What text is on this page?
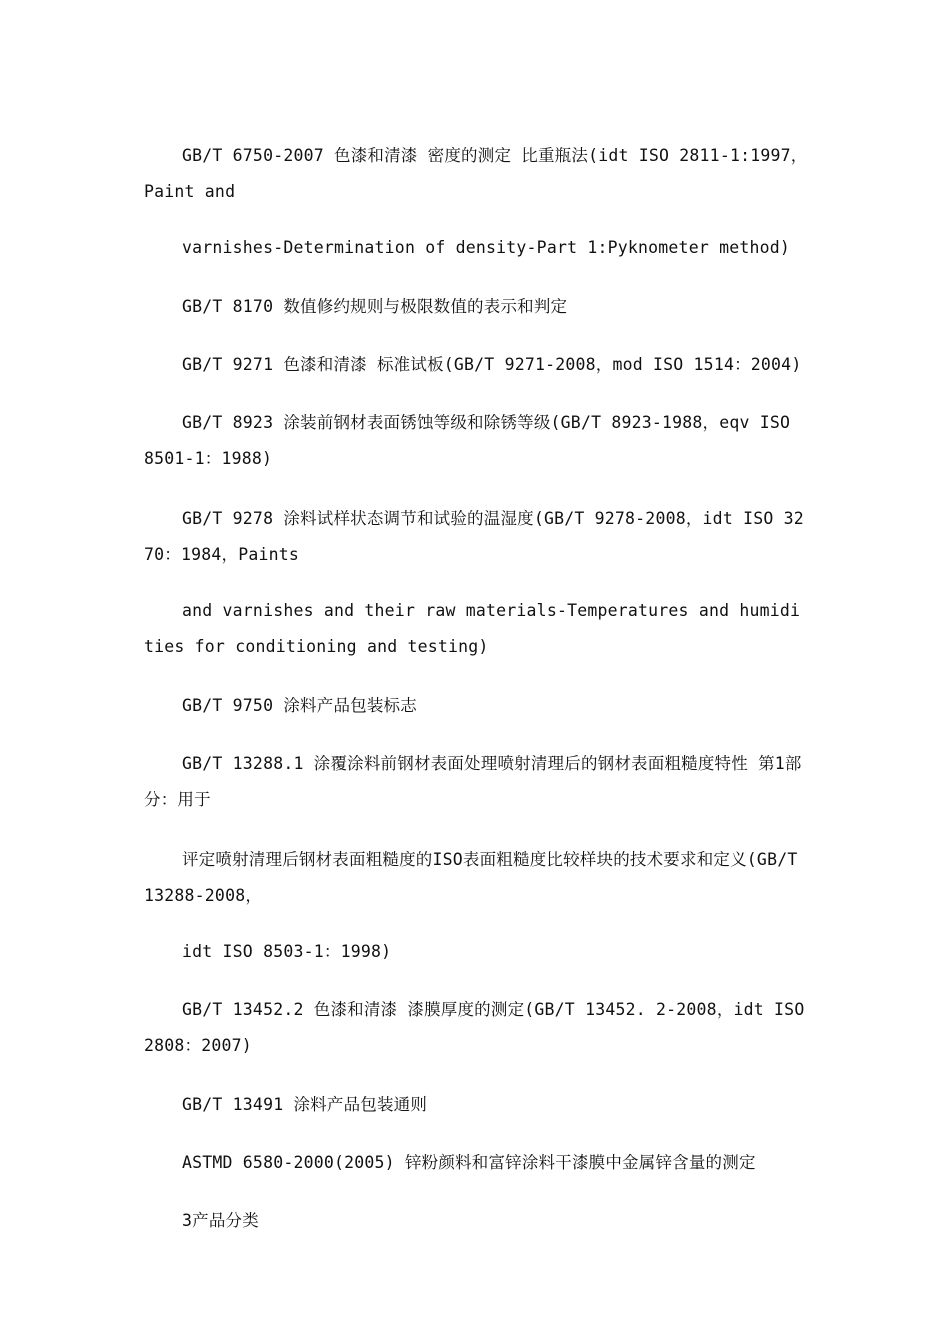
GB/T 6750-2007 色漆和清漆 密度的测定 比重瓶法(idt ISO 2811-1:1997，Paint and

varnishes-Determination of density-Part 1:Pyknometer method)

GB/T 8170 数值修约规则与极限数值的表示和判定

GB/T 9271 色漆和清漆 标准试板(GB/T 9271-2008，mod ISO 1514：2004)

GB/T 8923 涂装前钢材表面锈蚀等级和除锈等级(GB/T 8923-1988，eqv ISO 8501-1：1988)

GB/T 9278 涂料试样状态调节和试验的温湿度(GB/T 9278-2008，idt ISO 3270：1984，Paints

and varnishes and their raw materials-Temperatures and humidities for conditioning and testing)

GB/T 9750 涂料产品包装标志

GB/T 13288.1 涂覆涂料前钢材表面处理喷射清理后的钢材表面粗糙度特性 第1部分：用于

评定喷射清理后钢材表面粗糙度的ISO表面粗糙度比较样块的技术要求和定义(GB/T 13288-2008，

idt ISO 8503-1：1998)

GB/T 13452.2 色漆和清漆 漆膜厚度的测定(GB/T 13452. 2-2008，idt ISO 2808：2007)

GB/T 13491 涂料产品包装通则

ASTMD 6580-2000(2005) 锌粉颜料和富锌涂料干漆膜中金属锌含量的测定

3产品分类
